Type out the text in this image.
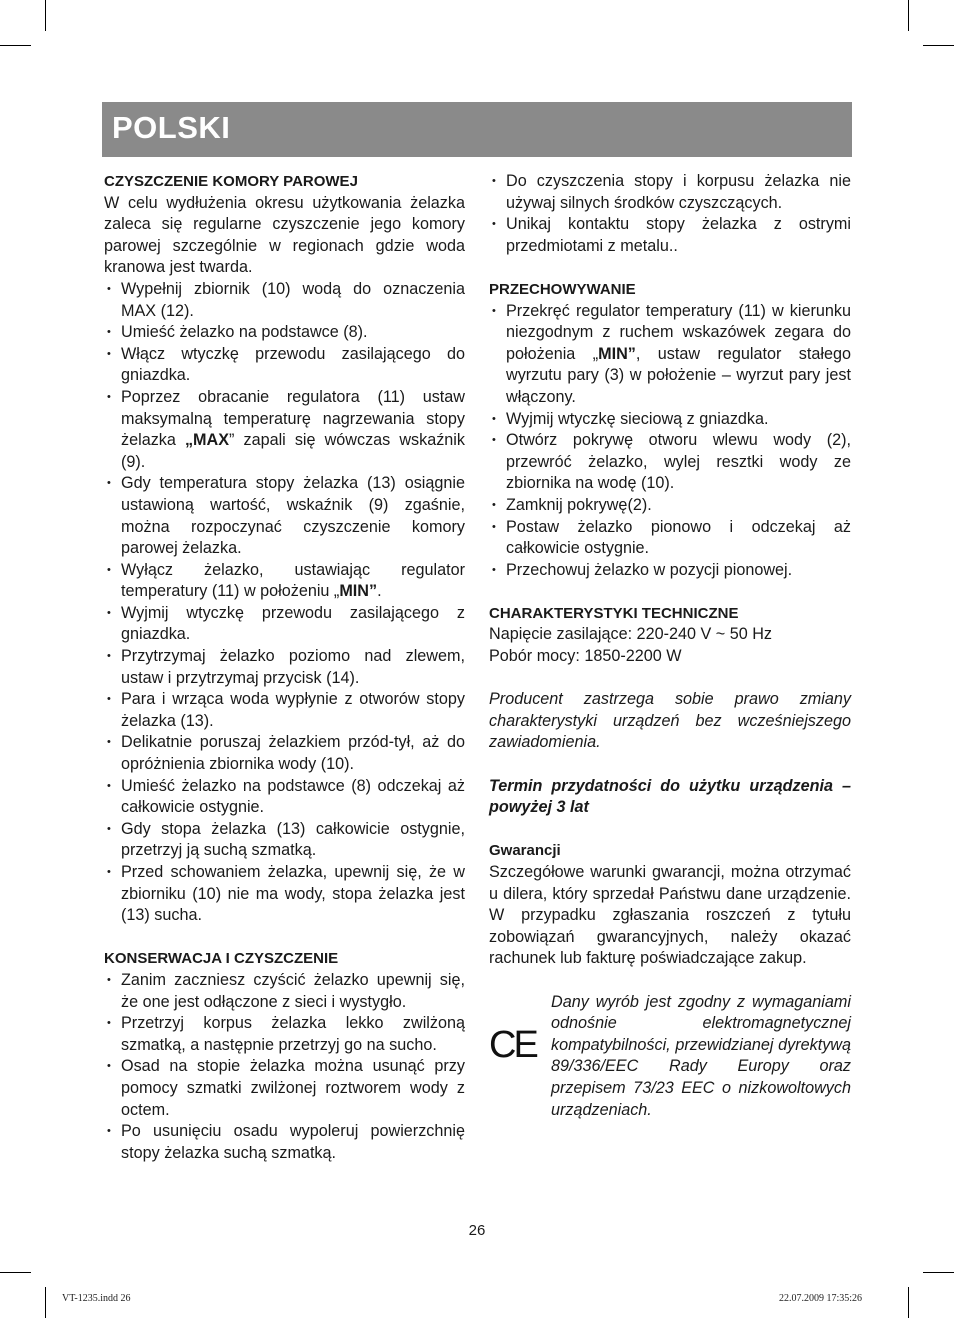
POLSKI
CZYSZCZENIE KOMORY PAROWEJ

W celu wydłużenia okresu użytkowania żelazka zaleca się regularne czyszczenie jego komory parowej szczególnie w regionach gdzie woda kranowa jest twarda.

• Wypełnij zbiornik (10) wodą do oznaczenia MAX (12).
• Umieść żelazko na podstawce (8).
• Włącz wtyczkę przewodu zasilającego do gniazdka.
• Poprzez obracanie regulatora (11) ustaw maksymalną temperaturę nagrzewania stopy żelazka „MAX” zapali się wówczas wskaźnik (9).
• Gdy temperatura stopy żelazka (13) osiągnie ustawioną wartość, wskaźnik (9) zgaśnie, można rozpoczynać czyszczenie komory parowej żelazka.
• Wyłącz żelazko, ustawiając regulator temperatury (11) w położeniu „MIN”.
• Wyjmij wtyczkę przewodu zasilającego z gniazdka.
• Przytrzymaj żelazko poziomo nad zlewem, ustaw i przytrzymaj przycisk (14).
• Para i wrząca woda wypłynie z otworów stopy żelazka (13).
• Delikatnie poruszaj żelazkiem przód-tył, aż do opróżnienia zbiornika wody (10).
• Umieść żelazko na podstawce (8) odczekaj aż całkowicie ostygnie.
• Gdy stopa żelazka (13) całkowicie ostygnie, przetrzyj ją suchą szmatką.
• Przed schowaniem żelazka, upewnij się, że w zbiorniku (10) nie ma wody, stopa żelazka jest (13) sucha.
KONSERWACJA I CZYSZCZENIE
• Zanim zaczniesz czyścić żelazko upewnij się, że one jest odłączone z sieci i wystygło.
• Przetrzyj korpus żelazka lekko zwilżoną szmatką, a następnie przetrzyj go na sucho.
• Osad na stopie żelazka można usunąć przy pomocy szmatki zwilżonej roztworem wody z octem.
• Po usunięciu osadu wypoleruj powierzchnię stopy żelazka suchą szmatką.
• Do czyszczenia stopy i korpusu żelazka nie używaj silnych środków czyszczących.
• Unikaj kontaktu stopy żelazka z ostrymi przedmiotami z metalu..
PRZECHOWYWANIE
• Przekręć regulator temperatury (11) w kierunku niezgodnym z ruchem wskazówek zegara do położenia „MIN”, ustaw regulator stałego wyrzutu pary (3) w położenie – wyrzut pary jest włączony.
• Wyjmij wtyczkę sieciową z gniazdka.
• Otwórz pokrywę otworu wlewu wody (2), przewróć żelazko, wylej resztki wody ze zbiornika na wodę (10).
• Zamknij pokrywę(2).
• Postaw żelazko pionowo i odczekaj aż całkowicie ostygnie.
• Przechowuj żelazko w pozycji pionowej.
CHARAKTERYSTYKI TECHNICZNE

Napięcie zasilające: 220-240 V ~ 50 Hz

Pobór mocy: 1850-2200 W

Producent zastrzega sobie prawo zmiany charakterystyki urządzeń bez wcześniejszego zawiadomienia.

Termin przydatności do użytku urządzenia – powyżej 3 lat

Gwarancji

Szczegółowe warunki gwarancji, można otrzymać u dilera, który sprzedał Państwu dane urządzenie. W przypadku zgłaszania roszczeń z tytułu zobowiązań gwarancyjnych, należy okazać rachunek lub fakturę poświadczające zakup.

CE
Dany wyrób jest zgodny z wymaganiami odnośnie elektromagnetycznej kompatybilności, przewidzianej dyrektywą 89/336/EEC Rady Europy oraz przepisem 73/23 EEC o nizkowoltowych urządzeniach.
26
VT-1235.indd 26	22.07.2009 17:35:26
